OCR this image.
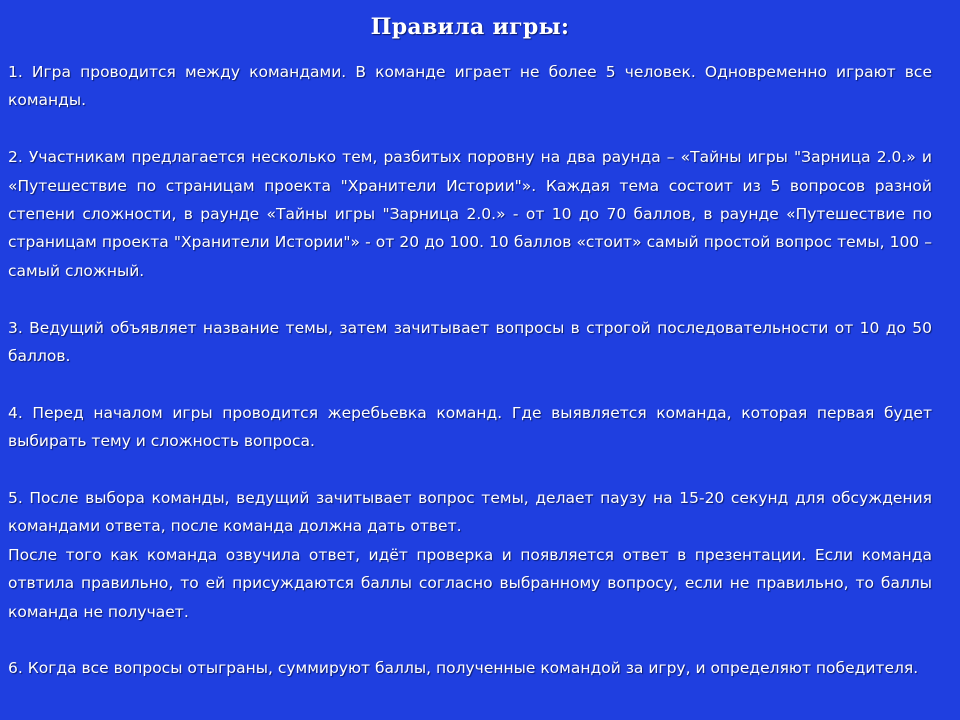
Правила игры:

1. Игра проводится между командами. В команде играет не более 5 человек. Одновременно играют все команды.

2. Участникам предлагается несколько тем, разбитых поровну на два раунда – «Тайны игры "Зарница 2.0.» и «Путешествие по страницам проекта "Хранители Истории"». Каждая тема состоит из 5 вопросов разной степени сложности, в раунде «Тайны игры "Зарница 2.0.» - от 10 до 70 баллов, в раунде «Путешествие по страницам проекта "Хранители Истории"» - от 20 до 100. 10 баллов «стоит» самый простой вопрос темы, 100 – самый сложный.

3. Ведущий объявляет название темы, затем зачитывает вопросы в строгой последовательности от 10 до 50 баллов.

4. Перед началом игры проводится жеребьевка команд. Где выявляется команда, которая первая будет выбирать тему и сложность вопроса.

5. После выбора команды, ведущий зачитывает вопрос темы, делает паузу на 15-20 секунд для обсуждения командами ответа, после команда должна дать ответ.

После того как команда озвучила ответ, идёт проверка и появляется ответ в презентации. Если команда отвтила правильно, то ей присуждаются баллы согласно выбранному вопросу, если не правильно, то баллы команда не получает.

6. Когда все вопросы отыграны, суммируют баллы, полученные командой за игру, и определяют победителя.
